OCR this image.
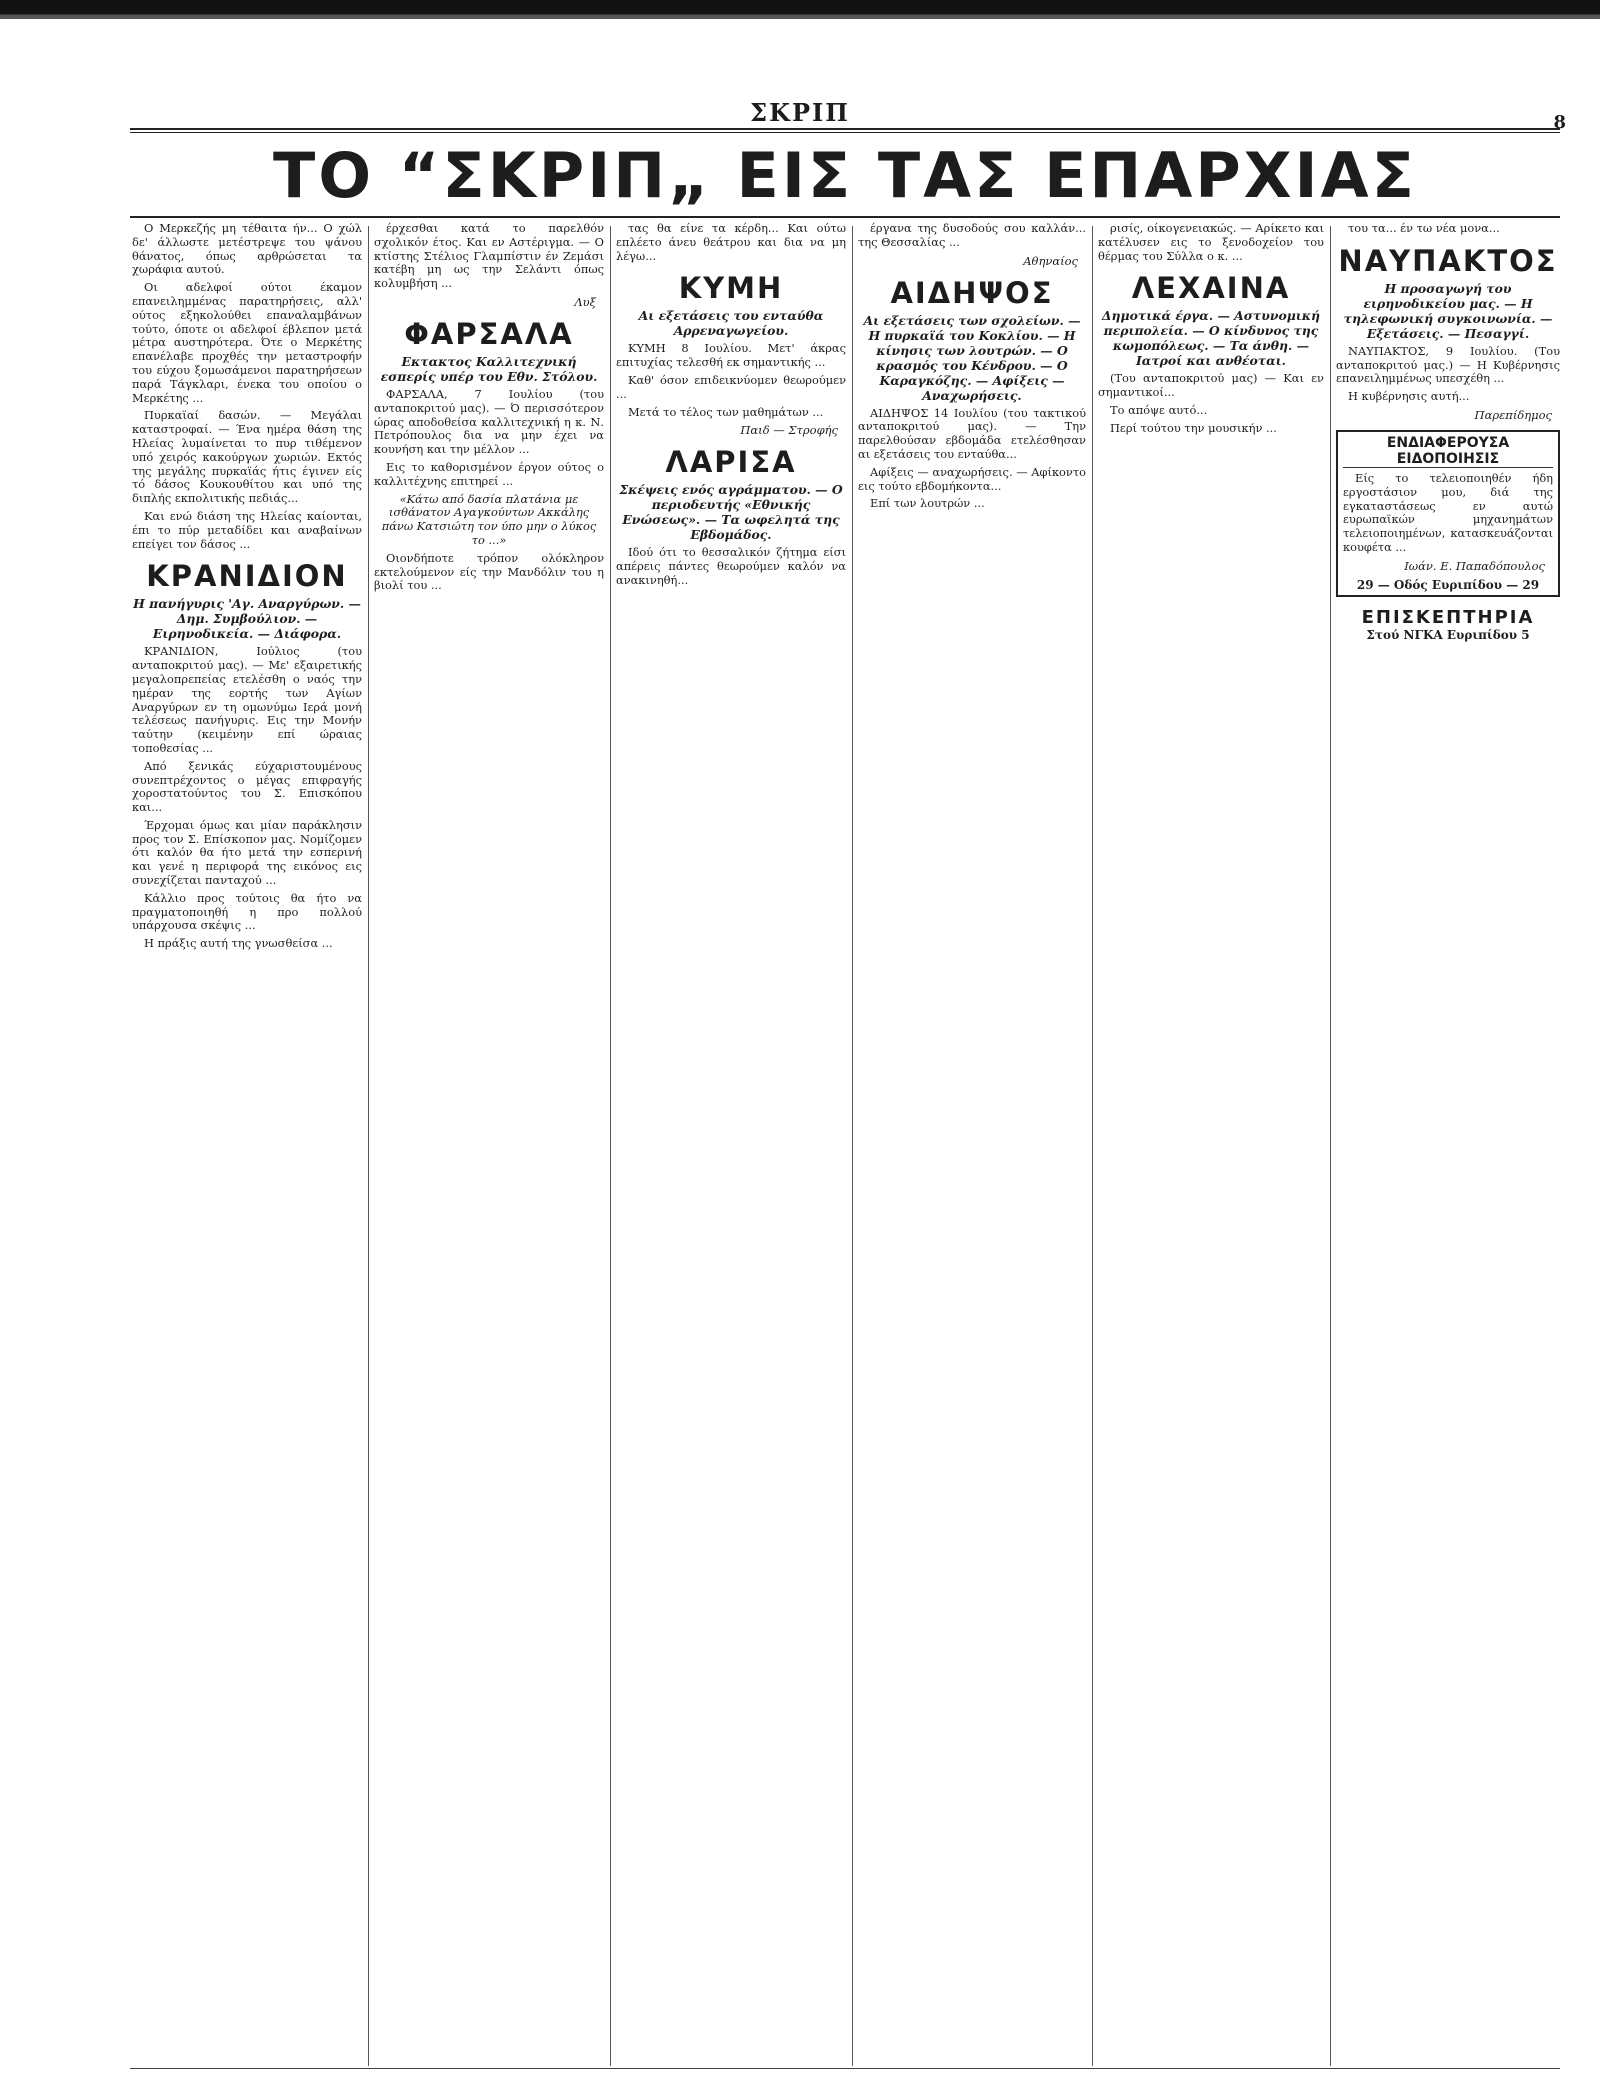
ΣΚΡΙΠ	8
ΤΟ “ΣΚΡΙΠ„ ΕΙΣ ΤΑΣ ΕΠΑΡΧΙΑΣ

Ο Μερκεζής μη τέθαιτα ήν... Ο χώλ δε' άλλωστε μετέστρεψε του ψάνου θάνατος, όπως αρθρώσεται τα χωράφια αυτού.

Οι αδελφοί ούτοι έκαμον επανειλημμένας παρατηρήσεις, αλλ' ούτος εξηκολούθει επαναλαμβάνων τούτο, όποτε οι αδελφοί έβλεπον μετά μέτρα αυστηρότερα. Ότε ο Μερκέτης επανέλαβε προχθές την μεταστροφήν του εύχου ξομωσάμενοι παρατηρήσεων παρά Τάγκλαρι, ένεκα του οποίου ο Μερκέτης ...

Πυρκαϊαί δασών. — Μεγάλαι καταστροφαί. — Ένα ημέρα θάση της Ηλείας λυμαίνεται το πυρ τιθέμενον υπό χειρός κακούργων χωριών. Εκτός της μεγάλης πυρκαϊάς ήτις έγινεν είς τό δάσος Κουκουθίτου και υπό της διπλής εκπολιτικής πεδιάς...

Και ενώ διάση της Ηλείας καίονται, έπι το πύρ μεταδίδει και αναβαίνων επείγει τον δάσος ...

ΚΡΑΝΙΔΙΟΝ
Η πανήγυρις 'Αγ. Αναργύρων. — Δημ. Συμβούλιον. — Ειρηνοδικεία. — Διάφορα.

ΚΡΑΝΙΔΙΟΝ, Ιούλιος (του ανταποκριτού μας). — Με' εξαιρετικής μεγαλοπρεπείας ετελέσθη ο ναός την ημέραν της εορτής των Αγίων Αναργύρων εν τη ομωνύμω Ιερά μονή τελέσεως πανήγυρις. Εις την Μονήν ταύτην (κειμένην επί ώραιας τοποθεσίας ...

Από ξενικάς εύχαριστουμένους συνεπτρέχοντος ο μέγας επιφραγής χοροστατούντος του Σ. Επισκόπου και...

Έρχομαι όμως και μίαν παράκλησιν προς τον Σ. Επίσκοπον μας. Νομίζομεν ότι καλόν θα ήτο μετά την εσπερινή και γενέ η περιφορά της εικόνος εις συνεχίζεται πανταχού ...

Κάλλιο προς τούτοις θα ήτο να πραγματοποιηθή η προ πολλού υπάρχουσα σκέψις ...

Η πράξις αυτή της γνωσθείσα ...

έρχεσθαι κατά το παρελθόν σχολικόν έτος. Και εν Αστέριγμα. — Ο κτίστης Στέλιος Γλαμπίστιν έν Ζεμάσι κατέβη μη ως την Σελάντι όπως κολυμβήση ...

Λυξ
ΦΑΡΣΑΛΑ
Εκτακτος Καλλιτεχνική εσπερίς υπέρ του Εθν. Στόλου.

ΦΑΡΣΑΛΑ, 7 Ιουλίου (του ανταποκριτού μας). — Ό περισσότερον ώρας αποδοθείσα καλλιτεχνική η κ. Ν. Πετρόπουλος δια να μην έχει να κουνήση και την μέλλον ...

Εις το καθορισμένον έργον ούτος ο καλλιτέχνης επιτηρεί ...

«Κάτω από δασία πλατάνια με ισθάνατον Αγαγκούντων Ακκάλης πάνω Κατσιώτη τον ύπο μην ο λύκος το ...»

Οιονδήποτε τρόπον ολόκληρον εκτελούμενον είς την Μανδόλιν του η βιολί του ...

τας θα είνε τα κέρδη... Και ούτω επλέετο άνευ θεάτρου και δια να μη λέγω...

ΚΥΜΗ
Αι εξετάσεις του ενταύθα Αρρεναγωγείου.

ΚΥΜΗ 8 Ιουλίου. Μετ' άκρας επιτυχίας τελεσθή εκ σημαντικής ...

Καθ' όσον επιδεικνύομεν θεωρούμεν ...

Μετά το τέλος των μαθημάτων ...

Παιδ — Στροφής
ΛΑΡΙΣΑ
Σκέψεις ενός αγράμματου. — Ο περιοδευτής «Εθνικής Ενώσεως». — Τα ωφελητά της Εβδομάδος.

Ιδού ότι το θεσσαλικόν ζήτημα είσι απέρεις πάντες θεωρούμεν καλόν να ανακινηθή...

έργανα της δυσοδούς σου καλλάν... της Θεσσαλίας ...

Αθηναίος
ΑΙΔΗΨΟΣ
Αι εξετάσεις των σχολείων. — Η πυρκαϊά του Κοκλίου. — Η κίνησις των λουτρών. — Ο κρασμός του Κένδρου. — Ο Καραγκόζης. — Αφίξεις — Αναχωρήσεις.

ΑΙΔΗΨΟΣ 14 Ιουλίου (του τακτικού ανταποκριτού μας). — Την παρελθούσαν εβδομάδα ετελέσθησαν αι εξετάσεις του ενταύθα...

Αφίξεις — αναχωρήσεις. — Αφίκοντο εις τούτο εβδομήκοντα...

Επί των λουτρών ...

ρισίς, οίκογενειακώς. — Αρίκετο και κατέλυσεν εις το ξενοδοχείον του θέρμας του Σύλλα ο κ. ...

ΛΕΧΑΙΝΑ
Δημοτικά έργα. — Αστυνομική περιπολεία. — Ο κίνδυνος της κωμοπόλεως. — Τα άνθη. — Ιατροί και ανθέοται.

(Του ανταποκριτού μας) — Και εν σημαντικοί...

Το απόψε αυτό...

Περί τούτου την μουσικήν ...

του τα... έν τω νέα μονα...

ΝΑΥΠΑΚΤΟΣ
Η προσαγωγή του ειρηνοδικείου μας. — Η τηλεφωνική συγκοινωνία. — Εξετάσεις. — Πεσαγγί.

ΝΑΥΠΑΚΤΟΣ, 9 Ιουλίου. (Του ανταποκριτού μας.) — Η Κυβέρνησις επανειλημμένως υπεσχέθη ...

Η κυβέρνησις αυτή...

Παρεπίδημος
ΕΝΔΙΑΦΕΡΟΥΣΑ ΕΙΔΟΠΟΙΗΣΙΣ

Είς το τελειοποιηθέν ήδη εργοστάσιον μου, διά της εγκαταστάσεως εν αυτώ ευρωπαϊκών μηχανημάτων τελειοποιημένων, κατασκευάζονται κουφέτα ...

Ιωάν. Ε. Παπαδόπουλος
29 — Οδός Ευριπίδου — 29
ΕΠΙΣΚΕΠΤΗΡΙΑ
Στού ΝΓΚΑ Ευριπίδου 5
